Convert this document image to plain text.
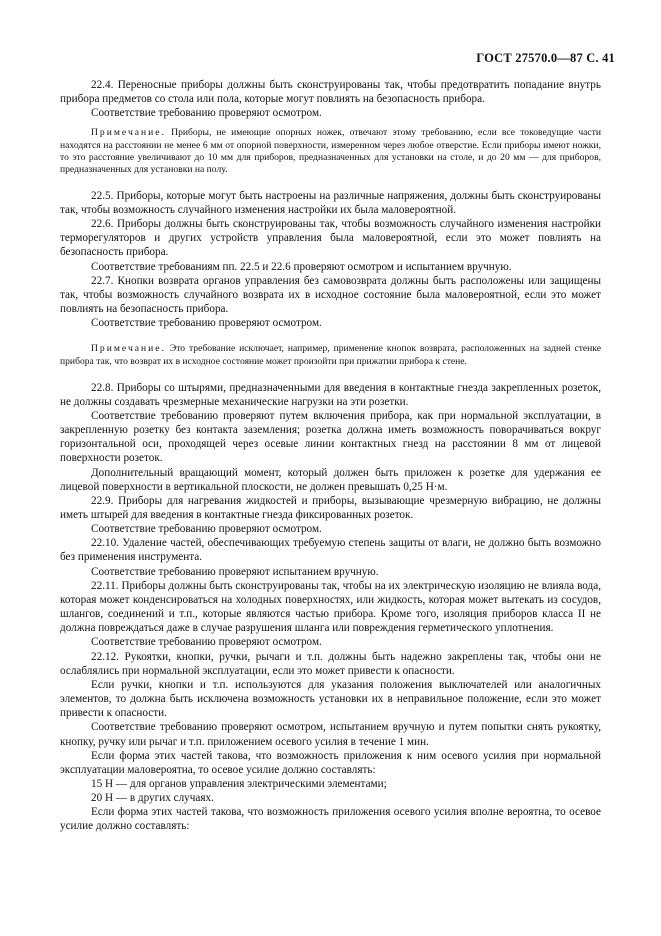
ГОСТ 27570.0—87 С. 41

22.4. Переносные приборы должны быть сконструированы так, чтобы предотвратить попадание внутрь прибора предметов со стола или пола, которые могут повлиять на безопасность прибора.

Соответствие требованию проверяют осмотром.

Примечание. Приборы, не имеющие опорных ножек, отвечают этому требованию, если все токоведущие части находятся на расстоянии не менее 6 мм от опорной поверхности, измеренном через любое отверстие. Если приборы имеют ножки, то это расстояние увеличивают до 10 мм для приборов, предназначенных для установки на столе, и до 20 мм — для приборов, предназначенных для установки на полу.

22.5. Приборы, которые могут быть настроены на различные напряжения, должны быть сконструированы так, чтобы возможность случайного изменения настройки их была маловероятной.

22.6. Приборы должны быть сконструированы так, чтобы возможность случайного изменения настройки терморегуляторов и других устройств управления была маловероятной, если это может повлиять на безопасность прибора.

Соответствие требованиям пп. 22.5 и 22.6 проверяют осмотром и испытанием вручную.

22.7. Кнопки возврата органов управления без самовозврата должны быть расположены или защищены так, чтобы возможность случайного возврата их в исходное состояние была маловероятной, если это может повлиять на безопасность прибора.

Соответствие требованию проверяют осмотром.

Примечание. Это требование исключает, например, применение кнопок возврата, расположенных на задней стенке прибора так, что возврат их в исходное состояние может произойти при прижатии прибора к стене.

22.8. Приборы со штырями, предназначенными для введения в контактные гнезда закрепленных розеток, не должны создавать чрезмерные механические нагрузки на эти розетки.

Соответствие требованию проверяют путем включения прибора, как при нормальной эксплуатации, в закрепленную розетку без контакта заземления; розетка должна иметь возможность поворачиваться вокруг горизонтальной оси, проходящей через осевые линии контактных гнезд на расстоянии 8 мм от лицевой поверхности розеток.

Дополнительный вращающий момент, который должен быть приложен к розетке для удержания ее лицевой поверхности в вертикальной плоскости, не должен превышать 0,25 Н·м.

22.9. Приборы для нагревания жидкостей и приборы, вызывающие чрезмерную вибрацию, не должны иметь штырей для введения в контактные гнезда фиксированных розеток.

Соответствие требованию проверяют осмотром.

22.10. Удаление частей, обеспечивающих требуемую степень защиты от влаги, не должно быть возможно без применения инструмента.

Соответствие требованию проверяют испытанием вручную.

22.11. Приборы должны быть сконструированы так, чтобы на их электрическую изоляцию не влияла вода, которая может конденсироваться на холодных поверхностях, или жидкость, которая может вытекать из сосудов, шлангов, соединений и т.п., которые являются частью прибора. Кроме того, изоляция приборов класса II не должна повреждаться даже в случае разрушения шланга или повреждения герметического уплотнения.

Соответствие требованию проверяют осмотром.

22.12. Рукоятки, кнопки, ручки, рычаги и т.п. должны быть надежно закреплены так, чтобы они не ослаблялись при нормальной эксплуатации, если это может привести к опасности.

Если ручки, кнопки и т.п. используются для указания положения выключателей или аналогичных элементов, то должна быть исключена возможность установки их в неправильное положение, если это может привести к опасности.

Соответствие требованию проверяют осмотром, испытанием вручную и путем попытки снять рукоятку, кнопку, ручку или рычаг и т.п. приложением осевого усилия в течение 1 мин.

Если форма этих частей такова, что возможность приложения к ним осевого усилия при нормальной эксплуатации маловероятна, то осевое усилие должно составлять:

15 Н — для органов управления электрическими элементами;

20 Н — в других случаях.

Если форма этих частей такова, что возможность приложения осевого усилия вполне вероятна, то осевое усилие должно составлять:
